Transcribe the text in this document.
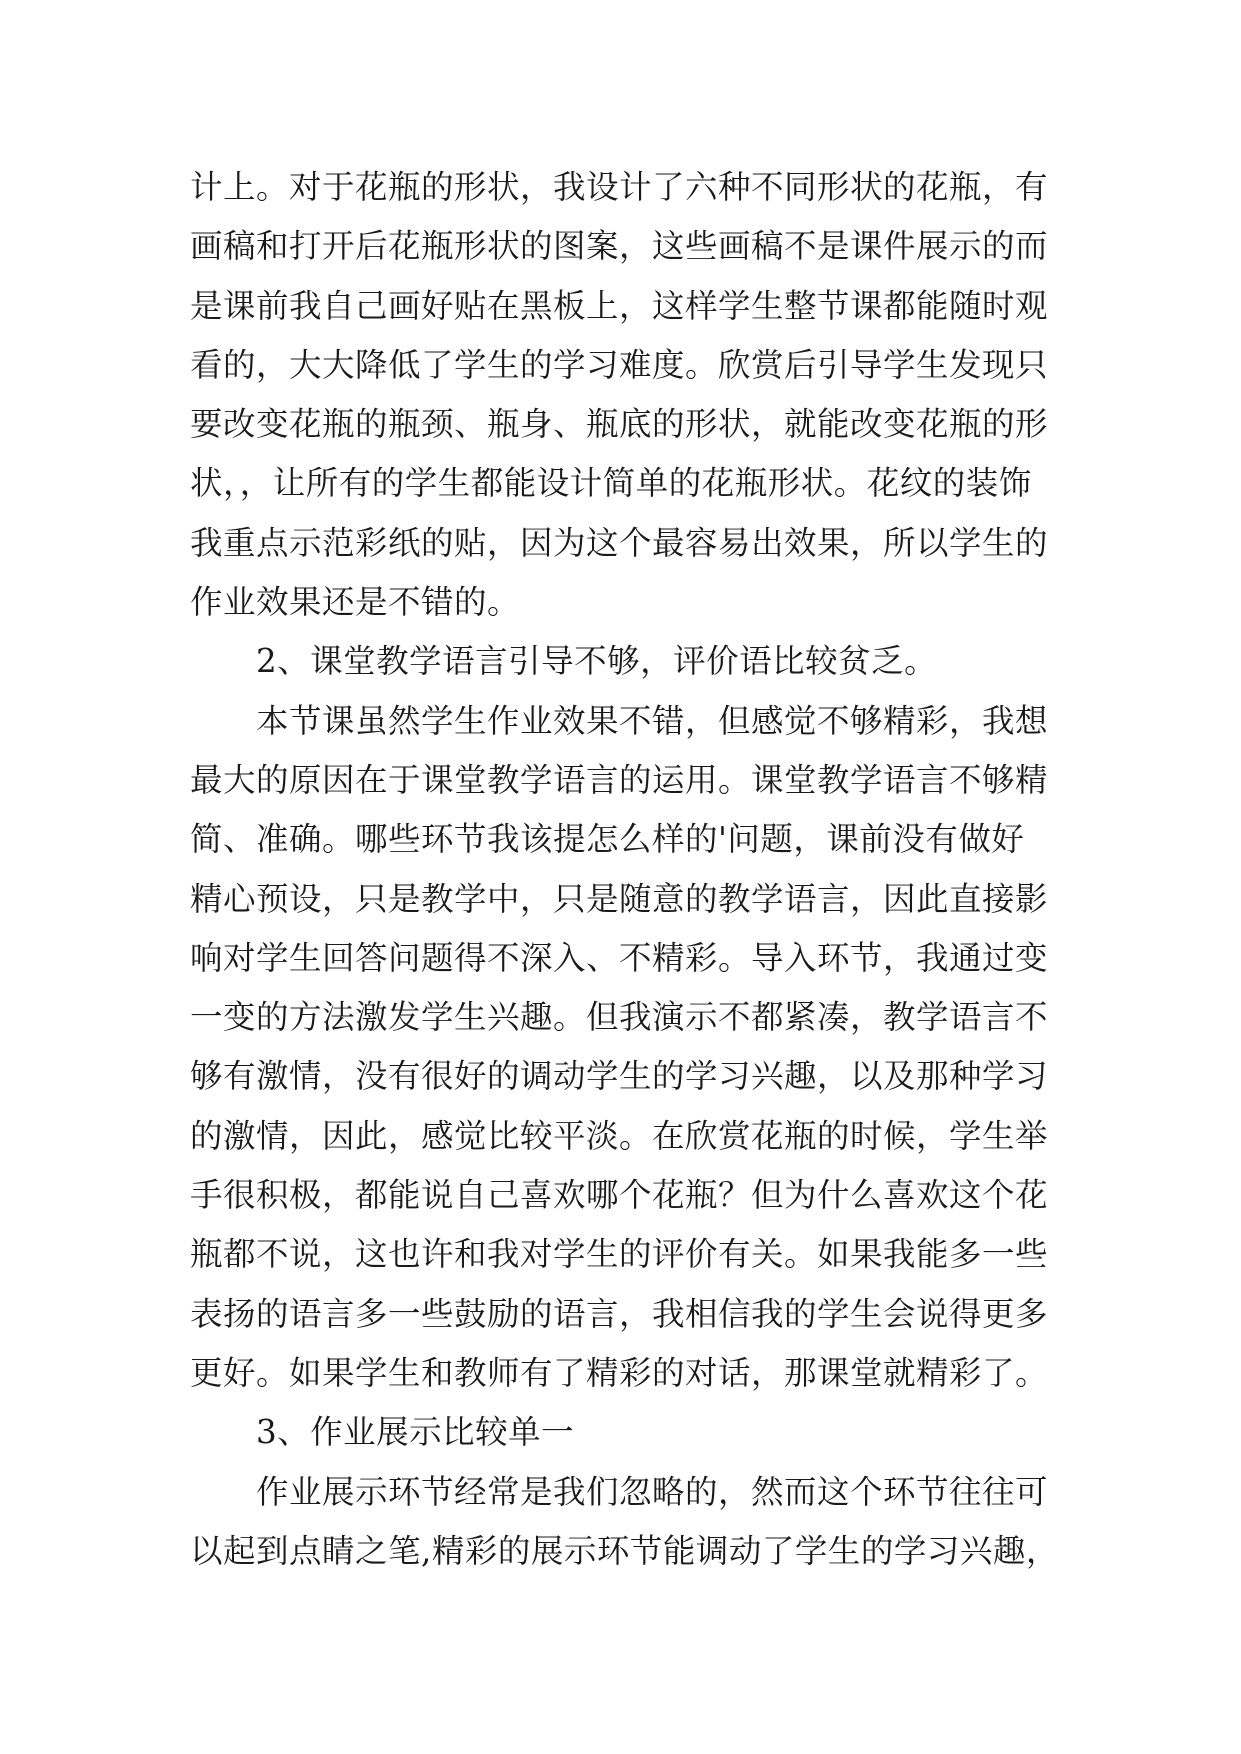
计上。对于花瓶的形状，我设计了六种不同形状的花瓶，有
画稿和打开后花瓶形状的图案，这些画稿不是课件展示的而
是课前我自己画好贴在黑板上，这样学生整节课都能随时观
看的，大大降低了学生的学习难度。欣赏后引导学生发现只
要改变花瓶的瓶颈、瓶身、瓶底的形状，就能改变花瓶的形
状，，让所有的学生都能设计简单的花瓶形状。花纹的装饰
我重点示范彩纸的贴，因为这个最容易出效果，所以学生的
作业效果还是不错的。
2、课堂教学语言引导不够，评价语比较贫乏。
本节课虽然学生作业效果不错，但感觉不够精彩，我想
最大的原因在于课堂教学语言的运用。课堂教学语言不够精
简、准确。哪些环节我该提怎么样的'问题，课前没有做好
精心预设，只是教学中，只是随意的教学语言，因此直接影
响对学生回答问题得不深入、不精彩。导入环节，我通过变
一变的方法激发学生兴趣。但我演示不都紧凑，教学语言不
够有激情，没有很好的调动学生的学习兴趣，以及那种学习
的激情，因此，感觉比较平淡。在欣赏花瓶的时候，学生举
手很积极，都能说自己喜欢哪个花瓶？但为什么喜欢这个花
瓶都不说，这也许和我对学生的评价有关。如果我能多一些
表扬的语言多一些鼓励的语言，我相信我的学生会说得更多
更好。如果学生和教师有了精彩的对话，那课堂就精彩了。
3、作业展示比较单一
作业展示环节经常是我们忽略的，然而这个环节往往可
以起到点睛之笔,精彩的展示环节能调动了学生的学习兴趣，
